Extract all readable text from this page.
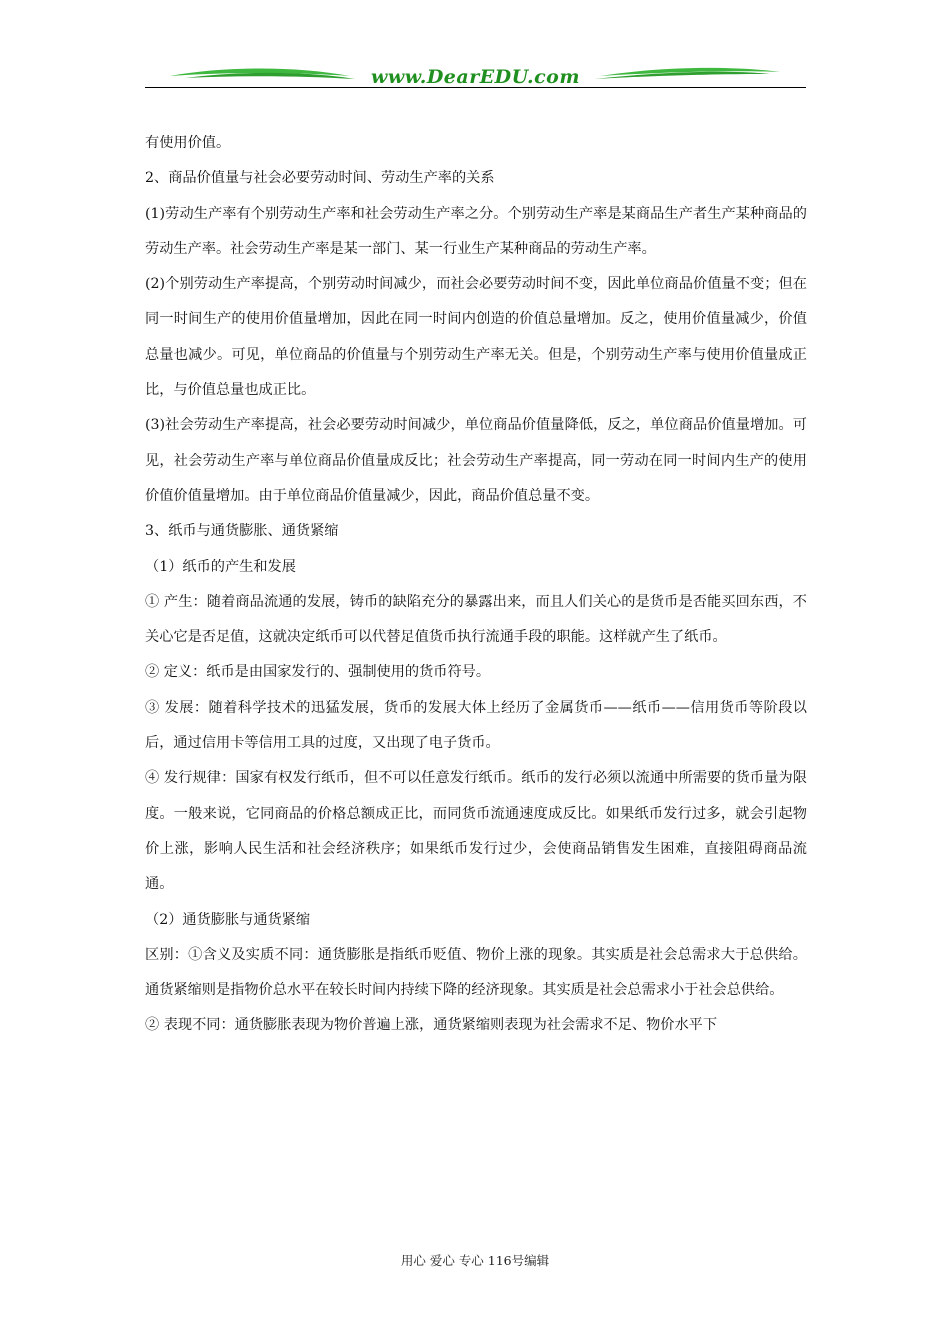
www.DearEDU.com

有使用价值。

2、商品价值量与社会必要劳动时间、劳动生产率的关系

(1)劳动生产率有个别劳动生产率和社会劳动生产率之分。个别劳动生产率是某商品生产者生产某种商品的劳动生产率。社会劳动生产率是某一部门、某一行业生产某种商品的劳动生产率。

(2)个别劳动生产率提高，个别劳动时间减少，而社会必要劳动时间不变，因此单位商品价值量不变；但在同一时间生产的使用价值量增加，因此在同一时间内创造的价值总量增加。反之，使用价值量减少，价值总量也减少。可见，单位商品的价值量与个别劳动生产率无关。但是，个别劳动生产率与使用价值量成正比，与价值总量也成正比。

(3)社会劳动生产率提高，社会必要劳动时间减少，单位商品价值量降低，反之，单位商品价值量增加。可见，社会劳动生产率与单位商品价值量成反比；社会劳动生产率提高，同一劳动在同一时间内生产的使用价值价值量增加。由于单位商品价值量减少，因此，商品价值总量不变。

3、纸币与通货膨胀、通货紧缩

（1）纸币的产生和发展

① 产生：随着商品流通的发展，铸币的缺陷充分的暴露出来，而且人们关心的是货币是否能买回东西，不关心它是否足值，这就决定纸币可以代替足值货币执行流通手段的职能。这样就产生了纸币。

② 定义：纸币是由国家发行的、强制使用的货币符号。

③ 发展：随着科学技术的迅猛发展，货币的发展大体上经历了金属货币——纸币——信用货币等阶段以后，通过信用卡等信用工具的过度，又出现了电子货币。

④ 发行规律：国家有权发行纸币，但不可以任意发行纸币。纸币的发行必须以流通中所需要的货币量为限度。一般来说，它同商品的价格总额成正比，而同货币流通速度成反比。如果纸币发行过多，就会引起物价上涨，影响人民生活和社会经济秩序；如果纸币发行过少，会使商品销售发生困难，直接阻碍商品流通。

（2）通货膨胀与通货紧缩

区别：①含义及实质不同：通货膨胀是指纸币贬值、物价上涨的现象。其实质是社会总需求大于总供给。通货紧缩则是指物价总水平在较长时间内持续下降的经济现象。其实质是社会总需求小于社会总供给。

② 表现不同：通货膨胀表现为物价普遍上涨，通货紧缩则表现为社会需求不足、物价水平下

用心 爱心 专心 116号编辑
